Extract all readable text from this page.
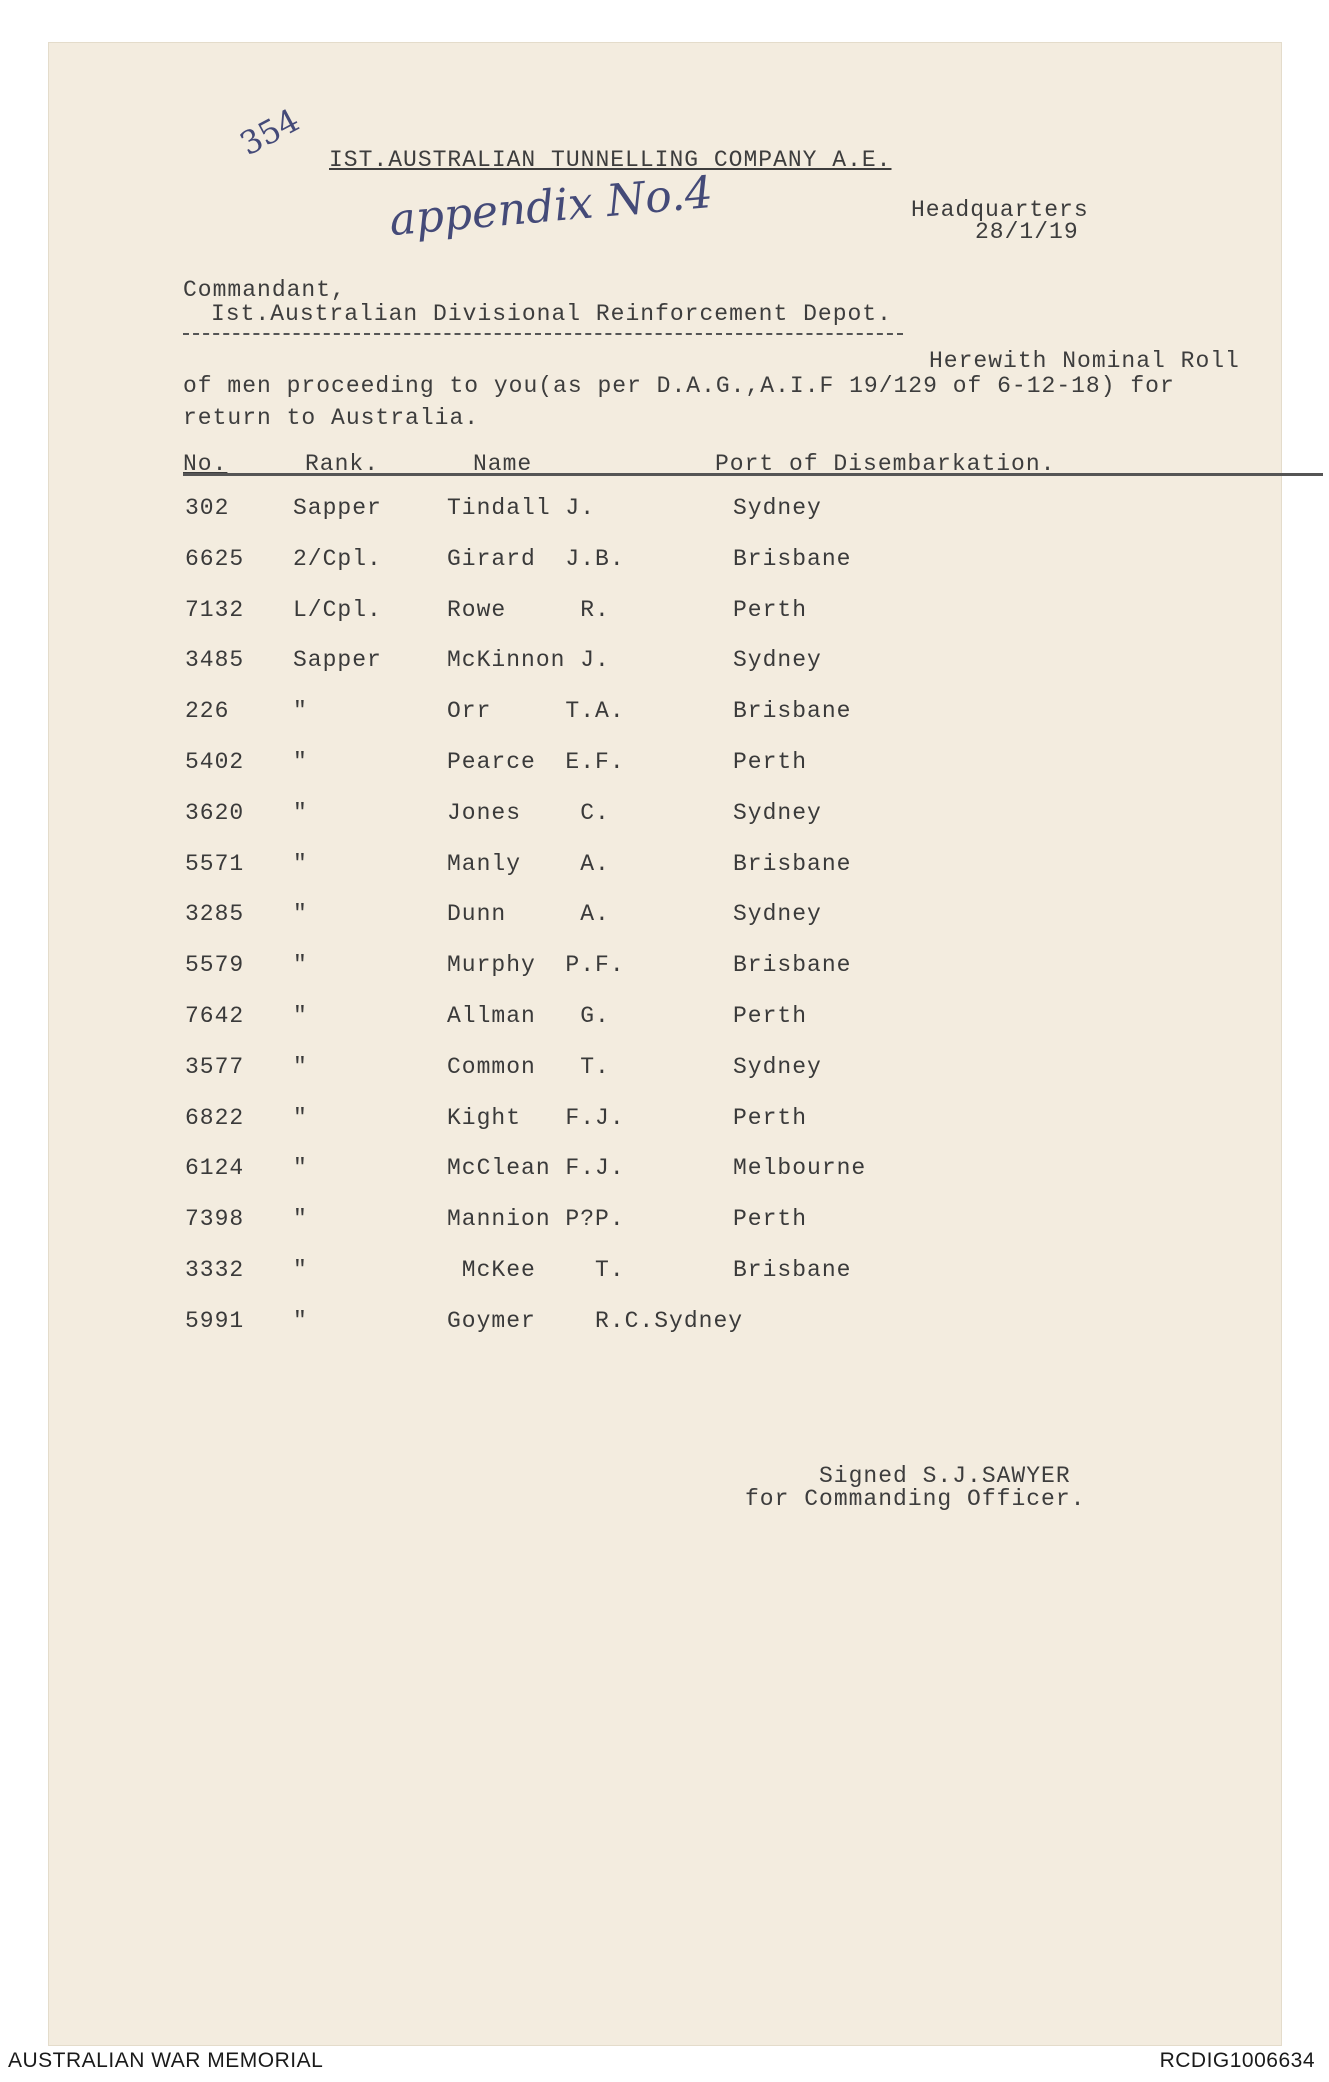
354 IST.AUSTRALIAN TUNNELLING COMPANY A.E.
appendix No.4	Headquarters
28/1/19
Commandant,
Ist.Australian Divisional Reinforcement Depot.
Herewith Nominal Roll
of men proceeding to you(as per D.A.G.,A.I.F 19/129 of 6-12-18) for
return to Australia.
No.	Rank.	Name	Port of Disembarkation.
302	Sapper	Tindall J.	Sydney
6625 2/Cpl.	Girard  J.B.	Brisbane
7132 L/Cpl.	Rowe     R.	Perth
3485 Sapper	McKinnon J.	Sydney
226	"	Orr     T.A.	Brisbane
5402 "	Pearce  E.F.	Perth
3620 "	Jones    C.	Sydney
5571 "	Manly    A.	Brisbane
3285 "	Dunn     A.	Sydney
5579 "	Murphy  P.F.	Brisbane
7642 "	Allman   G.	Perth
3577 "	Common   T.	Sydney
6822 "	Kight   F.J.	Perth
6124 "	McClean F.J.	Melbourne
7398 "	Mannion P?P.	Perth
3332 "	McKee    T.	Brisbane
5991 "	Goymer    R.C.Sydney
Signed S.J.SAWYER
for Commanding Officer.
AUSTRALIAN WAR MEMORIAL	RCDIG1006634
